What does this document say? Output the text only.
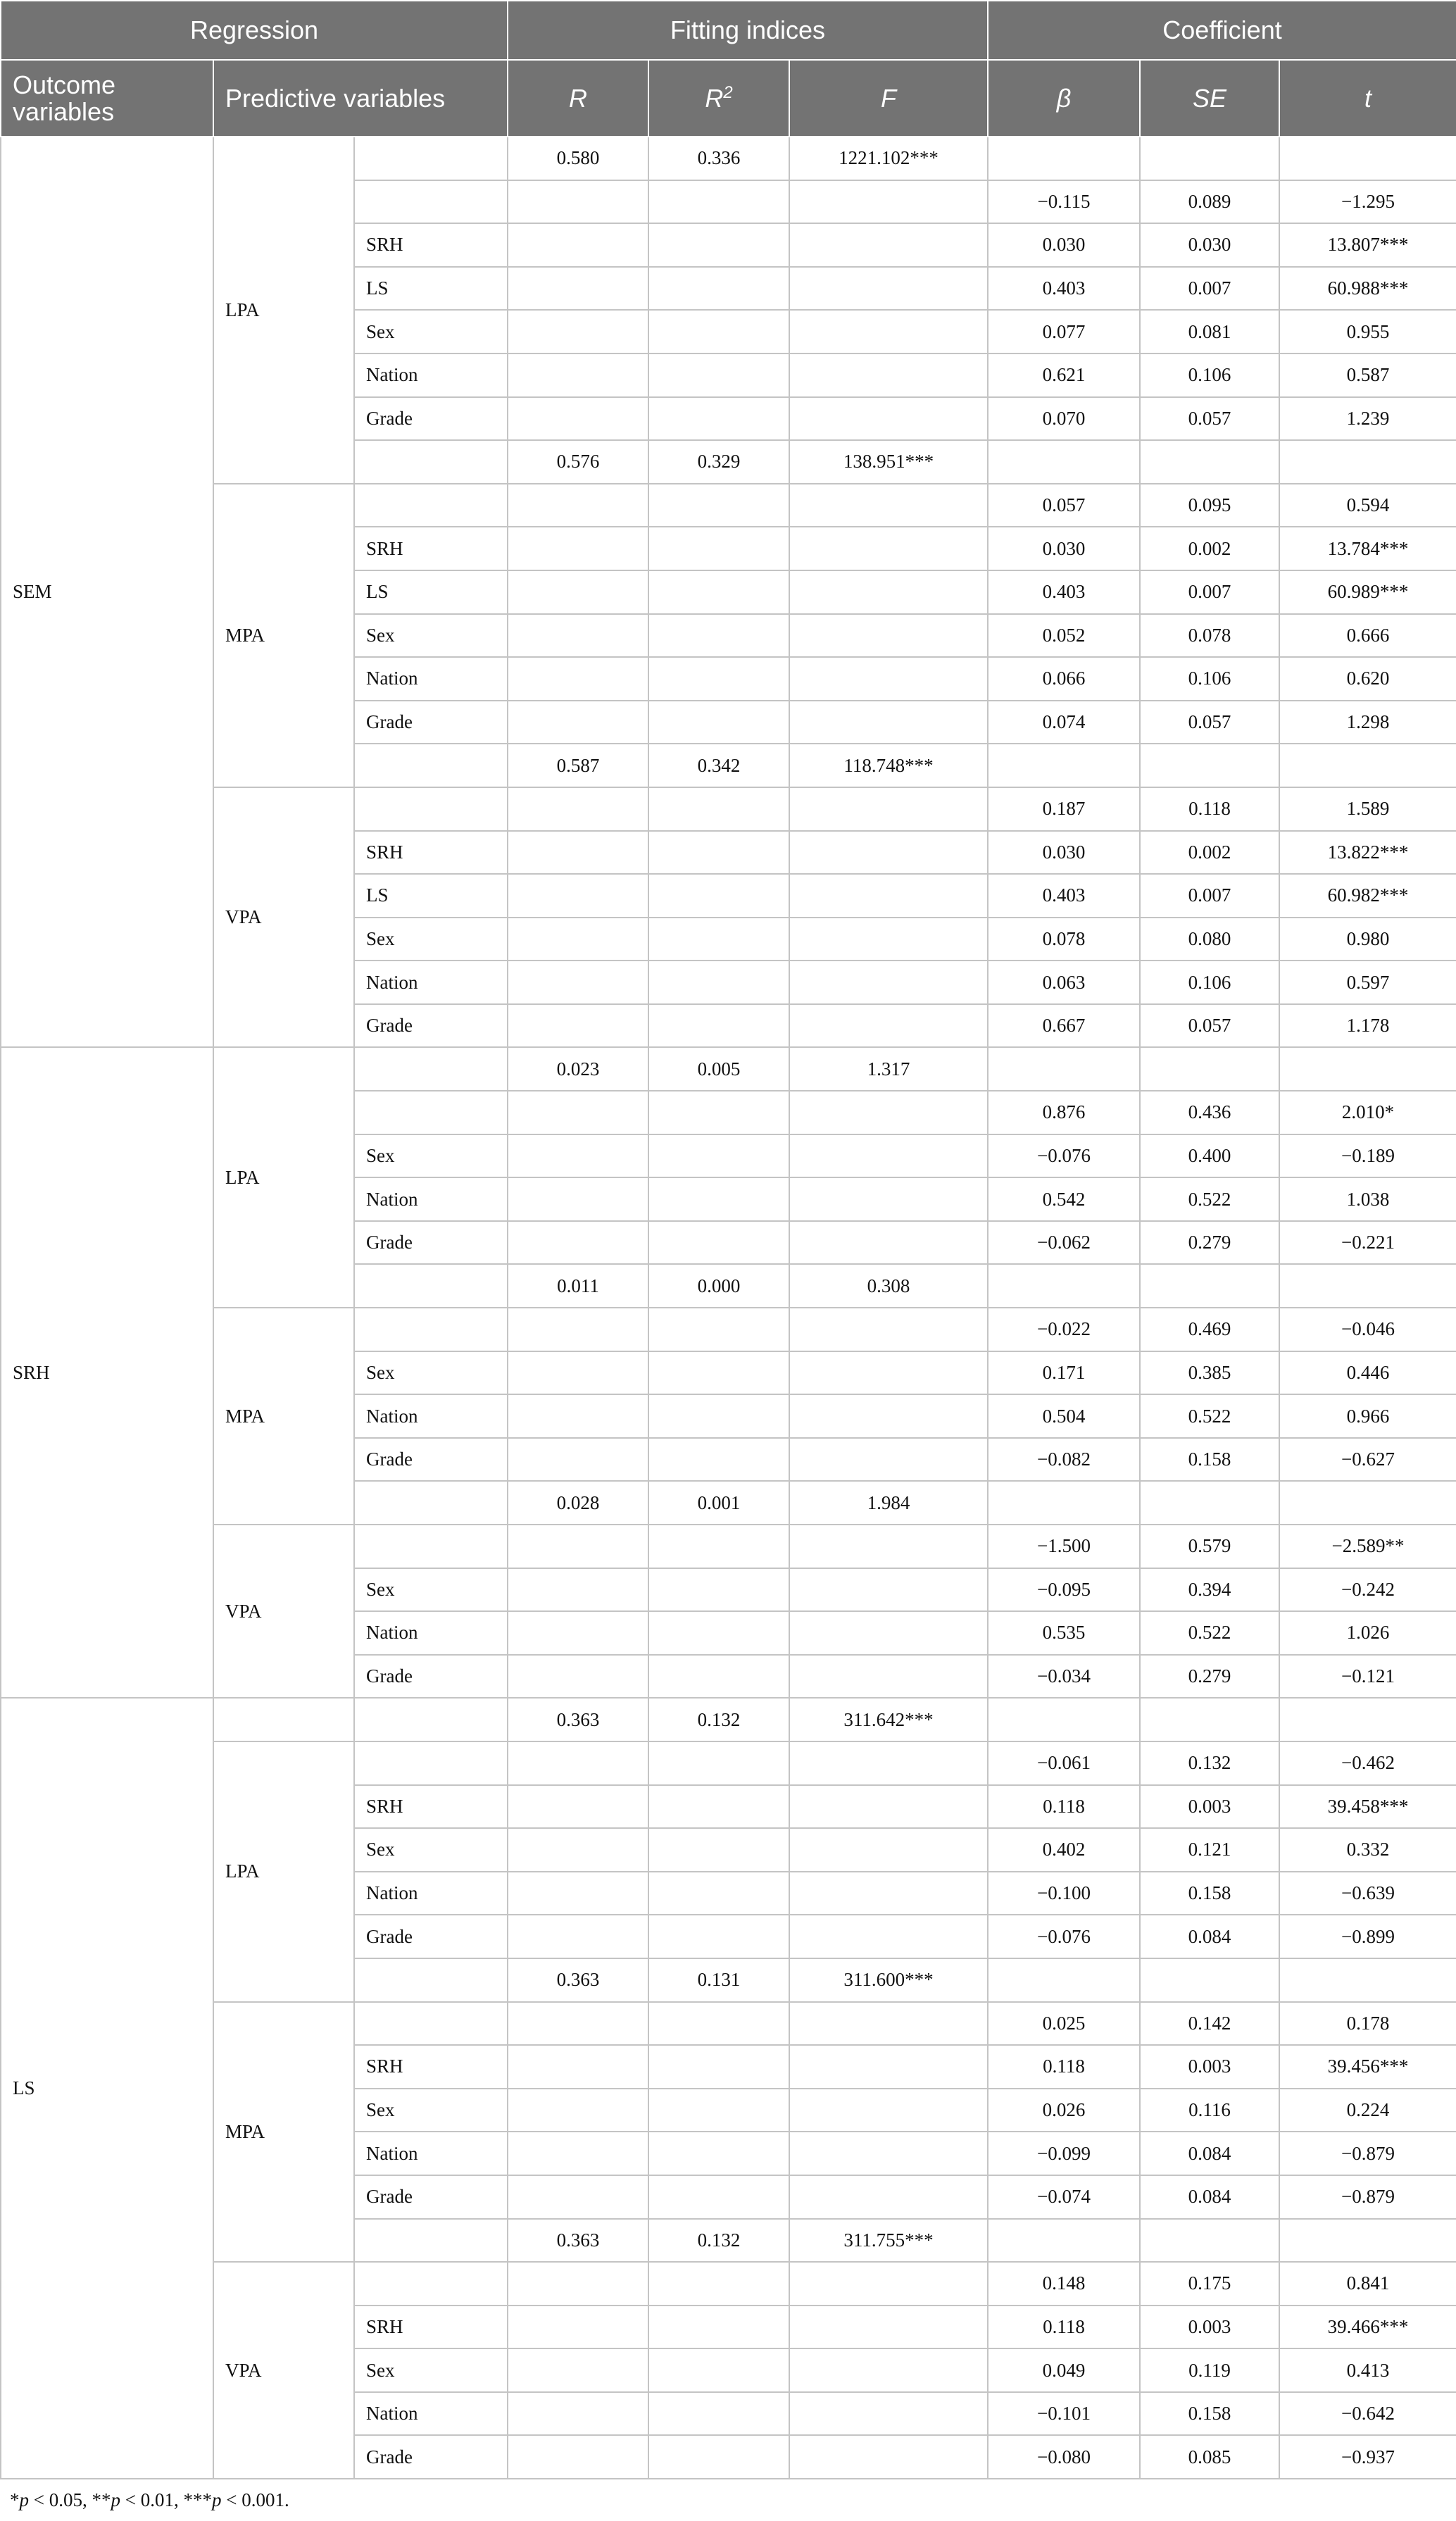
Regression			Fitting indices			Coefficient		
Outcome
variables	Predictive variables		R	$R^2$	F	β	SE	t
SEM	LPA		0.580	0.336	1221.102***			
						−0.115	0.089	−1.295
		SRH				0.030	0.030	13.807***
		LS				0.403	0.007	60.988***
		Sex				0.077	0.081	0.955
		Nation				0.621	0.106	0.587
		Grade				0.070	0.057	1.239
			0.576	0.329	138.951***			
	MPA					0.057	0.095	0.594
		SRH				0.030	0.002	13.784***
		LS				0.403	0.007	60.989***
		Sex				0.052	0.078	0.666
		Nation				0.066	0.106	0.620
		Grade				0.074	0.057	1.298
			0.587	0.342	118.748***			
	VPA					0.187	0.118	1.589
		SRH				0.030	0.002	13.822***
		LS				0.403	0.007	60.982***
		Sex				0.078	0.080	0.980
		Nation				0.063	0.106	0.597
		Grade				0.667	0.057	1.178
SRH	LPA		0.023	0.005	1.317			
						0.876	0.436	2.010*
		Sex				−0.076	0.400	−0.189
		Nation				0.542	0.522	1.038
		Grade				−0.062	0.279	−0.221
			0.011	0.000	0.308			
	MPA					−0.022	0.469	−0.046
		Sex				0.171	0.385	0.446
		Nation				0.504	0.522	0.966
		Grade				−0.082	0.158	−0.627
			0.028	0.001	1.984			
	VPA					−1.500	0.579	−2.589**
		Sex				−0.095	0.394	−0.242
		Nation				0.535	0.522	1.026
		Grade				−0.034	0.279	−0.121
LS			0.363	0.132	311.642***			
	LPA					−0.061	0.132	−0.462
		SRH				0.118	0.003	39.458***
		Sex				0.402	0.121	0.332
		Nation				−0.100	0.158	−0.639
		Grade				−0.076	0.084	−0.899
			0.363	0.131	311.600***			
	MPA					0.025	0.142	0.178
		SRH				0.118	0.003	39.456***
		Sex				0.026	0.116	0.224
		Nation				−0.099	0.084	−0.879
		Grade				−0.074	0.084	−0.879
			0.363	0.132	311.755***			
	VPA					0.148	0.175	0.841
		SRH				0.118	0.003	39.466***
		Sex				0.049	0.119	0.413
		Nation				−0.101	0.158	−0.642
		Grade				−0.080	0.085	−0.937
*p < 0.05, **p < 0.01, ***p < 0.001.
